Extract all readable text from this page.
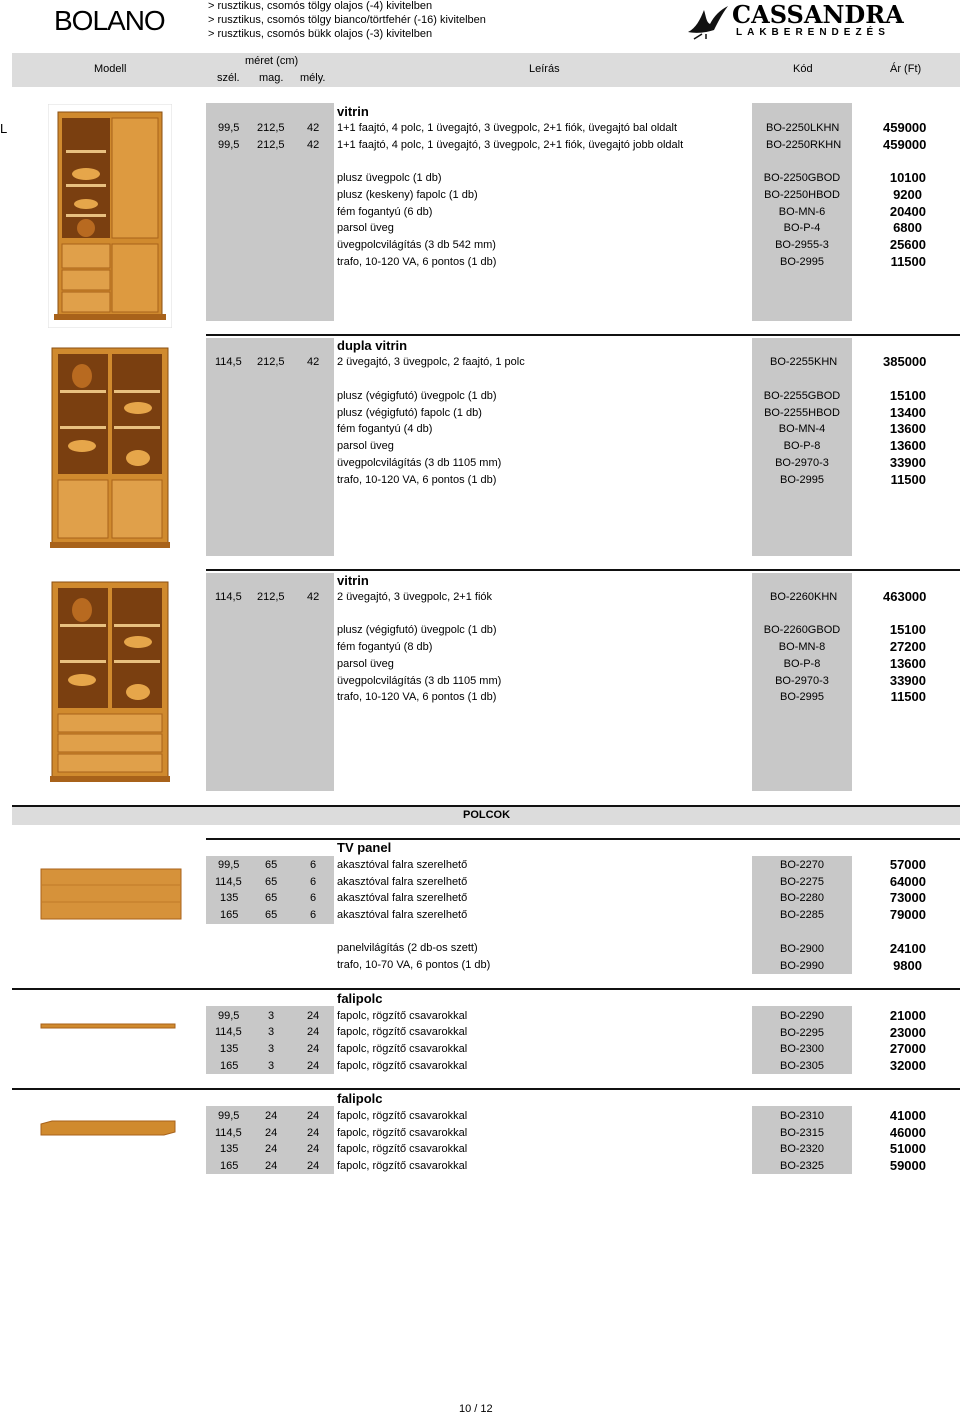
BOLANO	> rusztikus, csomós tölgy olajos (-4) kivitelben
> rusztikus, csomós tölgy bianco/törtfehér (-16) kivitelben
> rusztikus, csomós bükk olajos (-3) kivitelben
CASSANDRA
LAKBERENDEZÉS
Modell
méret (cm)
szél. mag. mély.
Leírás	Kód	Ár (Ft)
L
POLCOK
vitrin
99,5 212,5 42 1+1 faajtó, 4 polc, 1 üvegajtó, 3 üvegpolc, 2+1 fiók, üvegajtó bal oldalt	BO-2250LKHN	459000
99,5 212,5 42 1+1 faajtó, 4 polc, 1 üvegajtó, 3 üvegpolc, 2+1 fiók, üvegajtó jobb oldalt	BO-2250RKHN	459000
plusz üvegpolc (1 db)	BO-2250GBOD	10100
plusz (keskeny) fapolc (1 db)	BO-2250HBOD	9200
fém fogantyú (6 db)	BO-MN-6	20400
parsol üveg	BO-P-4	6800
üvegpolcvilágítás (3 db 542 mm)	BO-2955-3	25600
trafo, 10-120 VA, 6 pontos (1 db)	BO-2995	11500
dupla vitrin
114,5 212,5 42 2 üvegajtó, 3 üvegpolc, 2 faajtó, 1 polc	BO-2255KHN	385000
plusz (végigfutó) üvegpolc (1 db)	BO-2255GBOD	15100
plusz (végigfutó) fapolc (1 db)	BO-2255HBOD	13400
fém fogantyú (4 db)	BO-MN-4	13600
parsol üveg	BO-P-8	13600
üvegpolcvilágítás (3 db 1105 mm)	BO-2970-3	33900
trafo, 10-120 VA, 6 pontos (1 db)	BO-2995	11500
vitrin
114,5 212,5 42 2 üvegajtó, 3 üvegpolc, 2+1 fiók	BO-2260KHN	463000
plusz (végigfutó) üvegpolc (1 db)	BO-2260GBOD	15100
fém fogantyú (8 db)	BO-MN-8	27200
parsol üveg	BO-P-8	13600
üvegpolcvilágítás (3 db 1105 mm)	BO-2970-3	33900
trafo, 10-120 VA, 6 pontos (1 db)	BO-2995	11500
TV panel
99,5 65	6 akasztóval falra szerelhető	BO-2270	57000
114,5 65	6 akasztóval falra szerelhető	BO-2275	64000
135 65	6 akasztóval falra szerelhető	BO-2280	73000
165 65	6 akasztóval falra szerelhető	BO-2285	79000
panelvilágítás (2 db-os szett)	BO-2900	24100
trafo, 10-70 VA, 6 pontos (1 db)	BO-2990	9800
falipolc
99,5	3	24 fapolc, rögzítő csavarokkal	BO-2290	21000
114,5 3	24 fapolc, rögzítő csavarokkal	BO-2295	23000
135	3	24 fapolc, rögzítő csavarokkal	BO-2300	27000
165	3	24 fapolc, rögzítő csavarokkal	BO-2305	32000
falipolc
99,5 24	24 fapolc, rögzítő csavarokkal	BO-2310	41000
114,5 24	24 fapolc, rögzítő csavarokkal	BO-2315	46000
135 24	24 fapolc, rögzítő csavarokkal	BO-2320	51000
165 24	24 fapolc, rögzítő csavarokkal	BO-2325	59000
10 / 12
